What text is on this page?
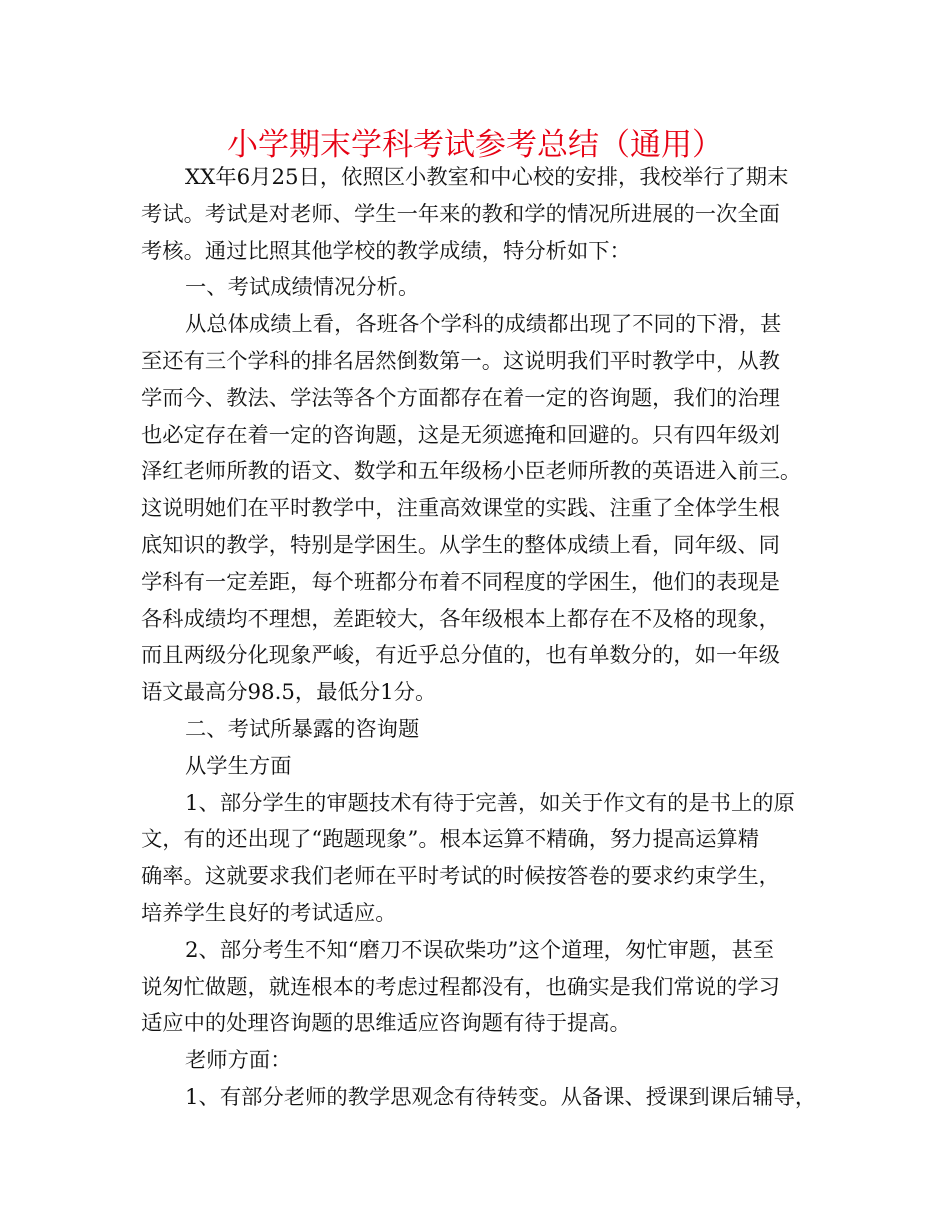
小学期末学科考试参考总结（通用）
XX年6月25日，依照区小教室和中心校的安排，我校举行了期末
考试。考试是对老师、学生一年来的教和学的情况所进展的一次全面
考核。通过比照其他学校的教学成绩，特分析如下：
一、考试成绩情况分析。
从总体成绩上看，各班各个学科的成绩都出现了不同的下滑，甚
至还有三个学科的排名居然倒数第一。这说明我们平时教学中，从教
学而今、教法、学法等各个方面都存在着一定的咨询题，我们的治理
也必定存在着一定的咨询题，这是无须遮掩和回避的。只有四年级刘
泽红老师所教的语文、数学和五年级杨小臣老师所教的英语进入前三。
这说明她们在平时教学中，注重高效课堂的实践、注重了全体学生根
底知识的教学，特别是学困生。从学生的整体成绩上看，同年级、同
学科有一定差距，每个班都分布着不同程度的学困生，他们的表现是
各科成绩均不理想，差距较大，各年级根本上都存在不及格的现象，
而且两级分化现象严峻，有近乎总分值的，也有单数分的，如一年级
语文最高分98.5，最低分1分。
二、考试所暴露的咨询题
从学生方面
1、部分学生的审题技术有待于完善，如关于作文有的是书上的原
文，有的还出现了“跑题现象”。根本运算不精确，努力提高运算精
确率。这就要求我们老师在平时考试的时候按答卷的要求约束学生，
培养学生良好的考试适应。
2、部分考生不知“磨刀不误砍柴功”这个道理，匆忙审题，甚至
说匆忙做题，就连根本的考虑过程都没有，也确实是我们常说的学习
适应中的处理咨询题的思维适应咨询题有待于提高。
老师方面：
1、有部分老师的教学思观念有待转变。从备课、授课到课后辅导，
